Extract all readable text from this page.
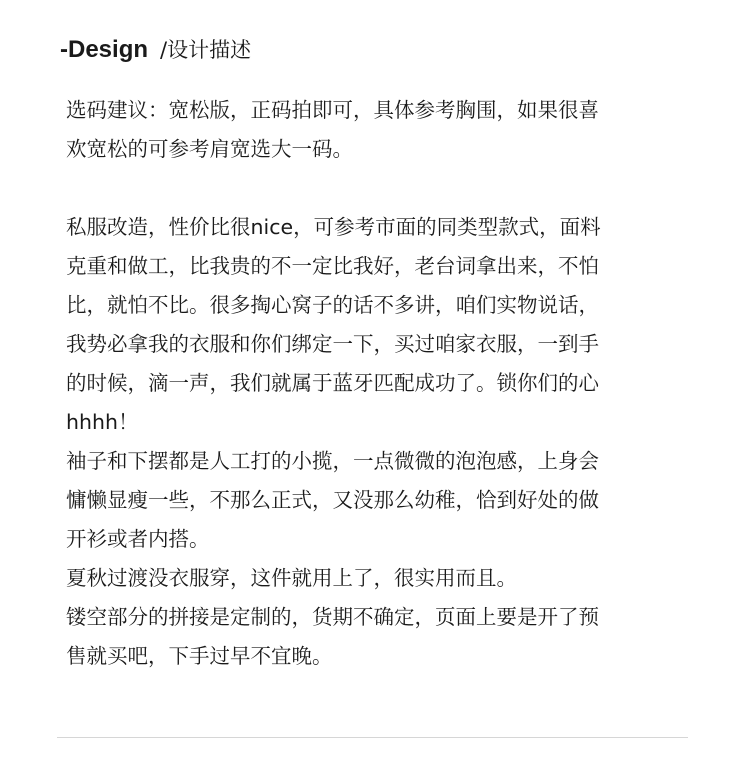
-Design /设计描述
选码建议：宽松版，正码拍即可，具体参考胸围，如果很喜
欢宽松的可参考肩宽选大一码。
私服改造，性价比很nice，可参考市面的同类型款式，面料
克重和做工，比我贵的不一定比我好，老台词拿出来，不怕
比，就怕不比。很多掏心窝子的话不多讲，咱们实物说话，
我势必拿我的衣服和你们绑定一下，买过咱家衣服，一到手
的时候，滴一声，我们就属于蓝牙匹配成功了。锁你们的心
hhhh！
袖子和下摆都是人工打的小揽，一点微微的泡泡感，上身会
慵懒显瘦一些，不那么正式，又没那么幼稚，恰到好处的做
开衫或者内搭。
夏秋过渡没衣服穿，这件就用上了，很实用而且。
镂空部分的拼接是定制的，货期不确定，页面上要是开了预
售就买吧，下手过早不宜晚。
